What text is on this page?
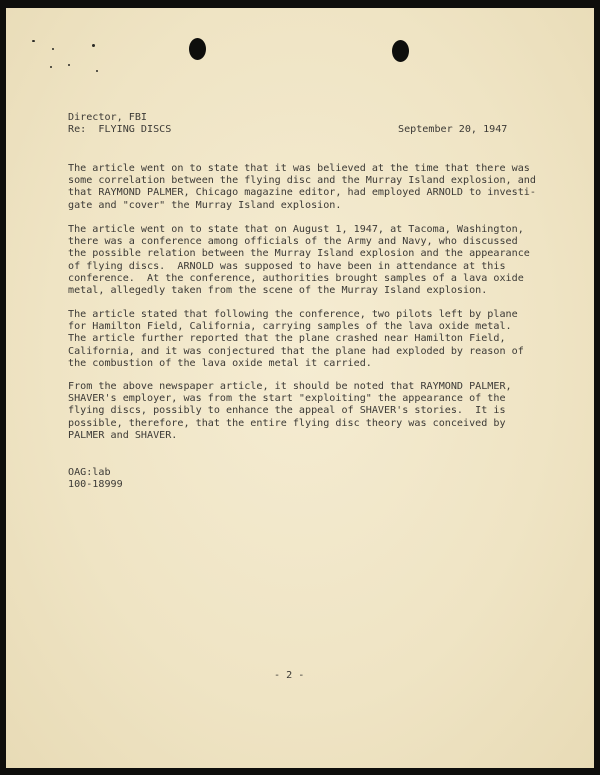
Director, FBI
Re:  FLYING DISCS	September 20, 1947
The article went on to state that it was believed at the time that there was
some correlation between the flying disc and the Murray Island explosion, and
that RAYMOND PALMER, Chicago magazine editor, had employed ARNOLD to investi-
gate and "cover" the Murray Island explosion.
The article went on to state that on August 1, 1947, at Tacoma, Washington,
there was a conference among officials of the Army and Navy, who discussed
the possible relation between the Murray Island explosion and the appearance
of flying discs.  ARNOLD was supposed to have been in attendance at this
conference.  At the conference, authorities brought samples of a lava oxide
metal, allegedly taken from the scene of the Murray Island explosion.
The article stated that following the conference, two pilots left by plane
for Hamilton Field, California, carrying samples of the lava oxide metal.
The article further reported that the plane crashed near Hamilton Field,
California, and it was conjectured that the plane had exploded by reason of
the combustion of the lava oxide metal it carried.
From the above newspaper article, it should be noted that RAYMOND PALMER,
SHAVER's employer, was from the start "exploiting" the appearance of the
flying discs, possibly to enhance the appeal of SHAVER's stories.  It is
possible, therefore, that the entire flying disc theory was conceived by
PALMER and SHAVER.
OAG:lab
100-18999
- 2 -
